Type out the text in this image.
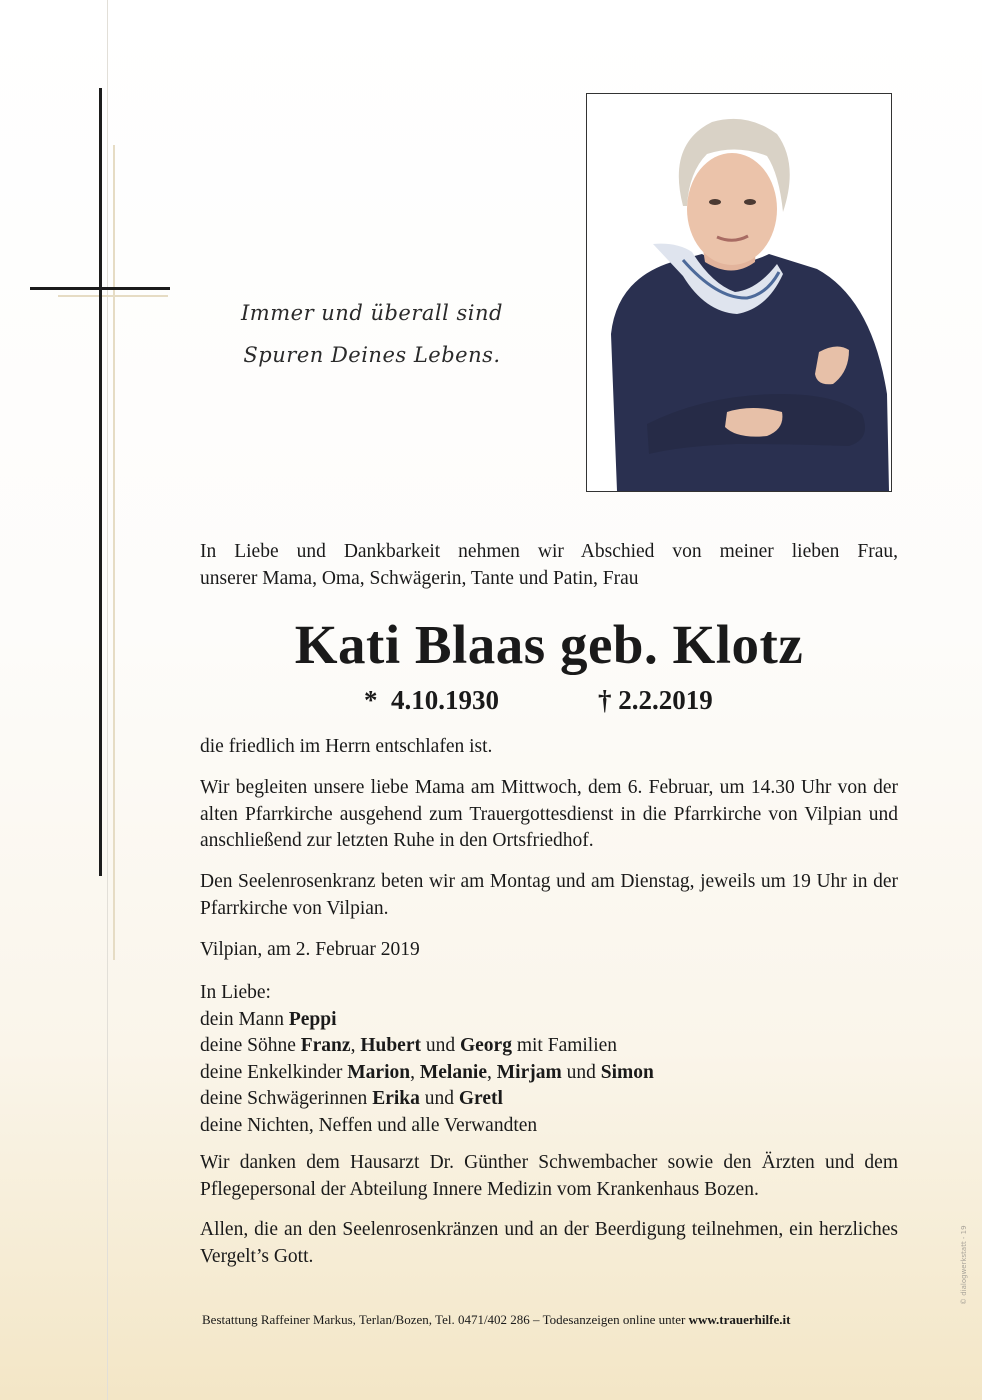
Immer und überall sind
Spuren Deines Lebens.
In Liebe und Dankbarkeit nehmen wir Abschied von meiner lieben Frau,
unserer Mama, Oma, Schwägerin, Tante und Patin, Frau
Kati Blaas geb. Klotz
* 4.10.1930	† 2.2.2019
die friedlich im Herrn entschlafen ist.
Wir begleiten unsere liebe Mama am Mittwoch, dem 6. Februar, um 14.30 Uhr von der alten Pfarrkirche ausgehend zum Trauergottesdienst in die Pfarrkirche von Vilpian und anschließend zur letzten Ruhe in den Ortsfriedhof.
Den Seelenrosenkranz beten wir am Montag und am Dienstag, jeweils um 19 Uhr in der Pfarrkirche von Vilpian.
Vilpian, am 2. Februar 2019
In Liebe:
dein Mann Peppi
deine Söhne Franz, Hubert und Georg mit Familien
deine Enkelkinder Marion, Melanie, Mirjam und Simon
deine Schwägerinnen Erika und Gretl
deine Nichten, Neffen und alle Verwandten
Wir danken dem Hausarzt Dr. Günther Schwembacher sowie den Ärzten und dem Pflegepersonal der Abteilung Innere Medizin vom Krankenhaus Bozen.
Allen, die an den Seelenrosenkränzen und an der Beerdigung teilnehmen, ein herzliches Vergelt’s Gott.
Bestattung Raffeiner Markus, Terlan/Bozen, Tel. 0471/402 286 – Todesanzeigen online unter www.trauerhilfe.it
© dialogwerkstatt - 19
